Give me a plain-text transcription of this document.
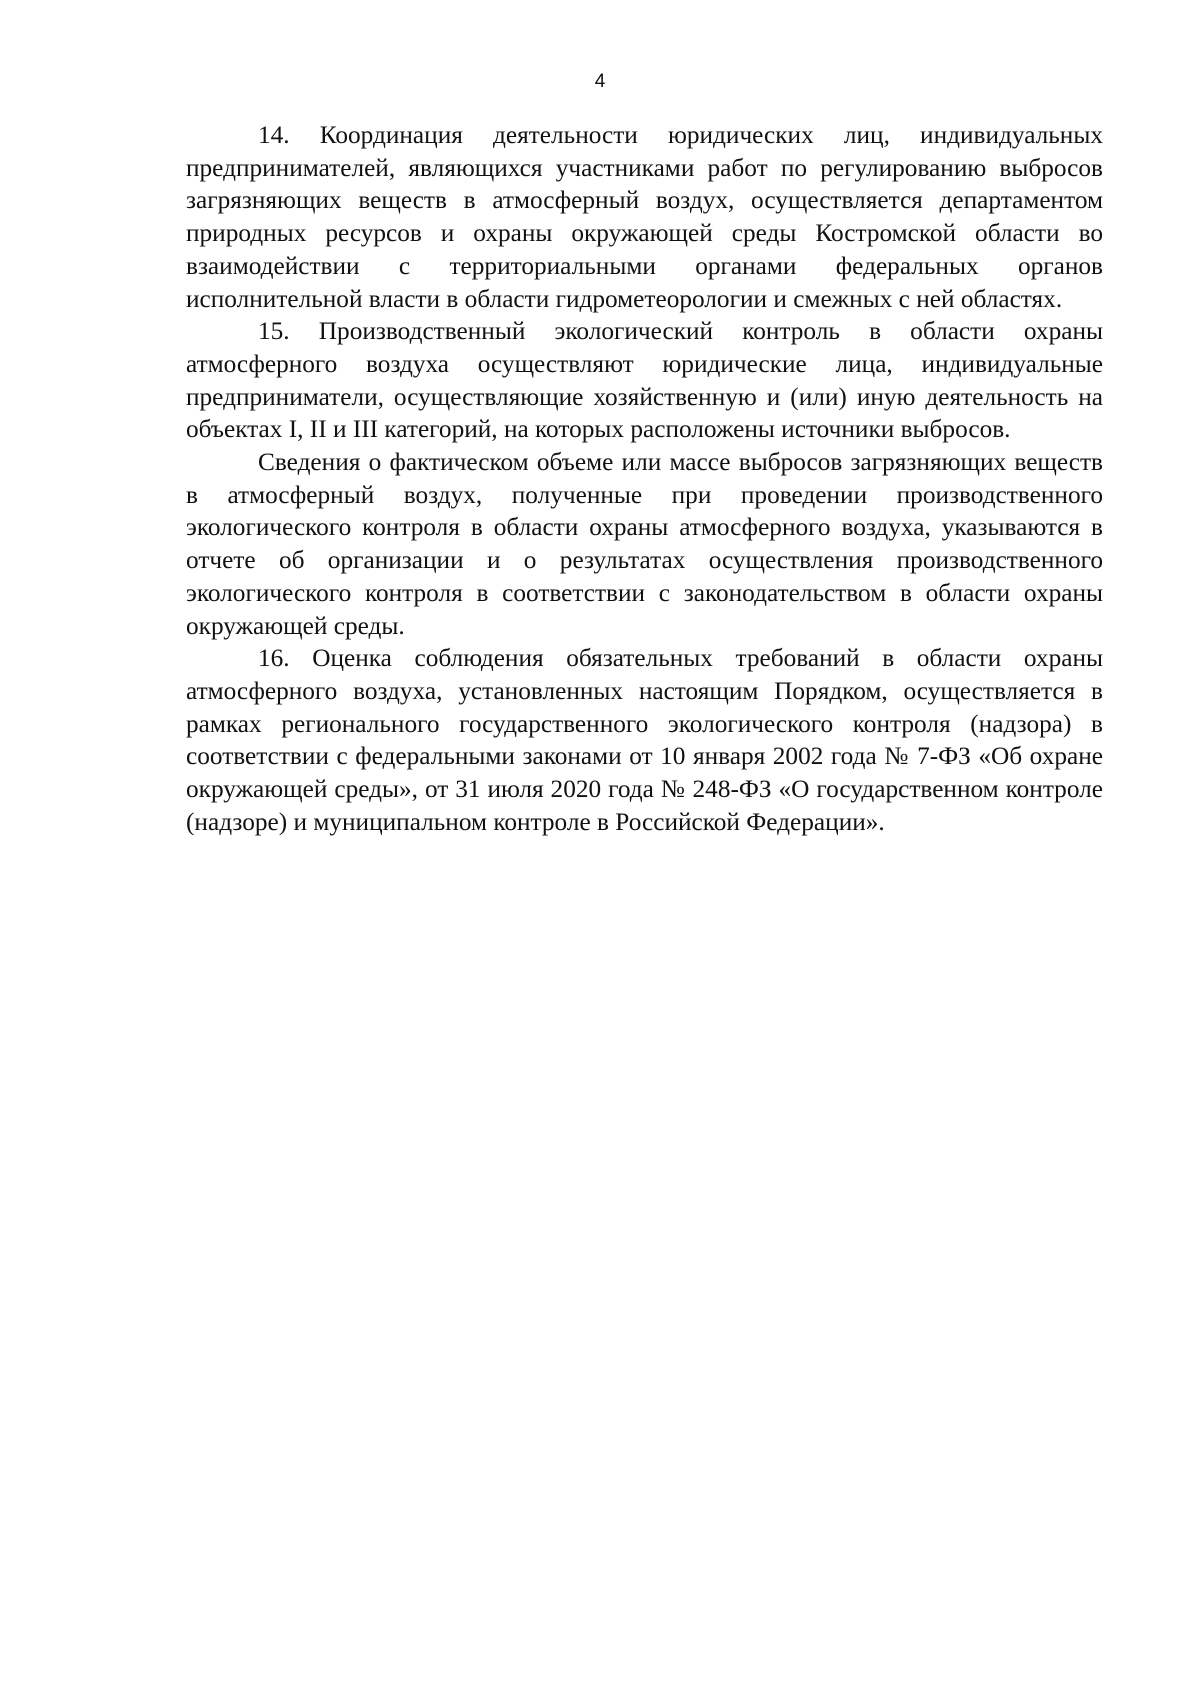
4

14. Координация деятельности юридических лиц, индивидуальных предпринимателей, являющихся участниками работ по регулированию выбросов загрязняющих веществ в атмосферный воздух, осуществляется департаментом природных ресурсов и охраны окружающей среды Костромской области во взаимодействии с территориальными органами федеральных органов исполнительной власти в области гидрометеорологии и смежных с ней областях.

15. Производственный экологический контроль в области охраны атмосферного воздуха осуществляют юридические лица, индивидуальные предприниматели, осуществляющие хозяйственную и (или) иную деятельность на объектах I, II и III категорий, на которых расположены источники выбросов.

Сведения о фактическом объеме или массе выбросов загрязняющих веществ в атмосферный воздух, полученные при проведении производственного экологического контроля в области охраны атмосферного воздуха, указываются в отчете об организации и о результатах осуществления производственного экологического контроля в соответствии с законодательством в области охраны окружающей среды.

16. Оценка соблюдения обязательных требований в области охраны атмосферного воздуха, установленных настоящим Порядком, осуществляется в рамках регионального государственного экологического контроля (надзора) в соответствии с федеральными законами от 10 января 2002 года № 7-ФЗ «Об охране окружающей среды», от 31 июля 2020 года № 248-ФЗ «О государственном контроле (надзоре) и муниципальном контроле в Российской Федерации».
